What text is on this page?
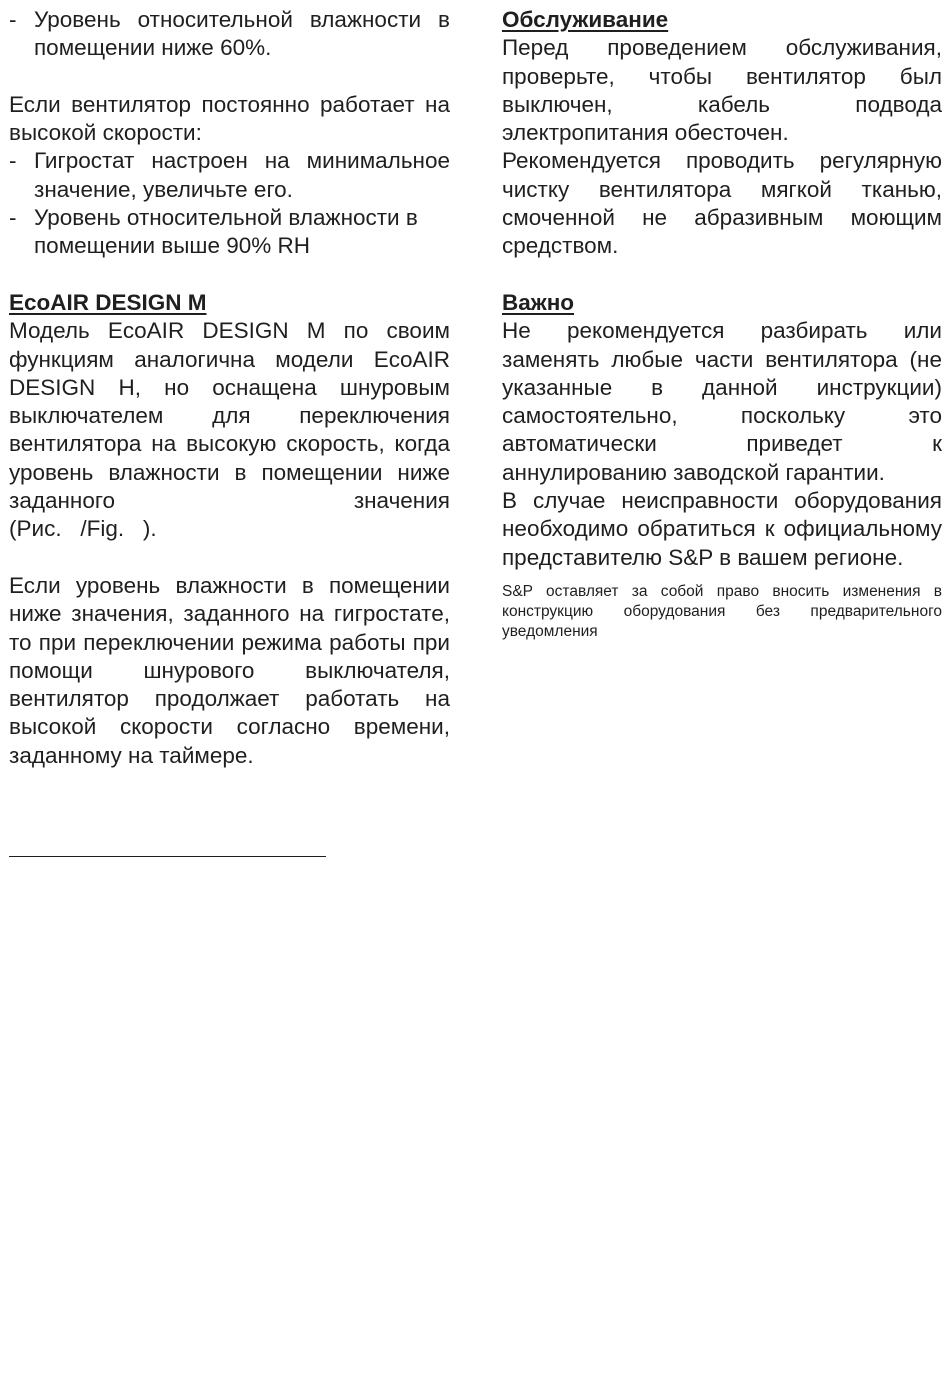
- Уровень относительной влажности в помещении ниже 60%.

Если вентилятор постоянно работает на высокой скорости:

- Гигростат настроен на минимальное значение, увеличьте его.
- Уровень относительной влажности в помещении выше 90% RH
EcoAIR DESIGN M

Модель EcoAIR DESIGN M по своим функциям аналогична модели EcoAIR DESIGN H, но оснащена шнуровым выключателем для переключения вентилятора на высокую скорость, когда уровень влажности в помещении ниже заданного значения

(Рис.   /Fig.   ).

Если уровень влажности в помещении ниже значения, заданного на гигростате, то при переключении режима работы при помощи шнурового выключателя, вентилятор продолжает работать на высокой скорости согласно времени, заданному на таймере.

Обслуживание

Перед проведением обслуживания, проверьте, чтобы вентилятор был выключен, кабель подвода электропитания обесточен.

Рекомендуется проводить регулярную чистку вентилятора мягкой тканью, смоченной не абразивным моющим средством.

Важно

Не рекомендуется разбирать или заменять любые части вентилятора (не указанные в данной инструкции) самостоятельно, поскольку это автоматически приведет к аннулированию заводской гарантии.

В случае неисправности оборудования необходимо обратиться к официальному представителю S&P в вашем регионе.

S&P оставляет за собой право вносить изменения в конструкцию оборудования без предварительного уведомления
